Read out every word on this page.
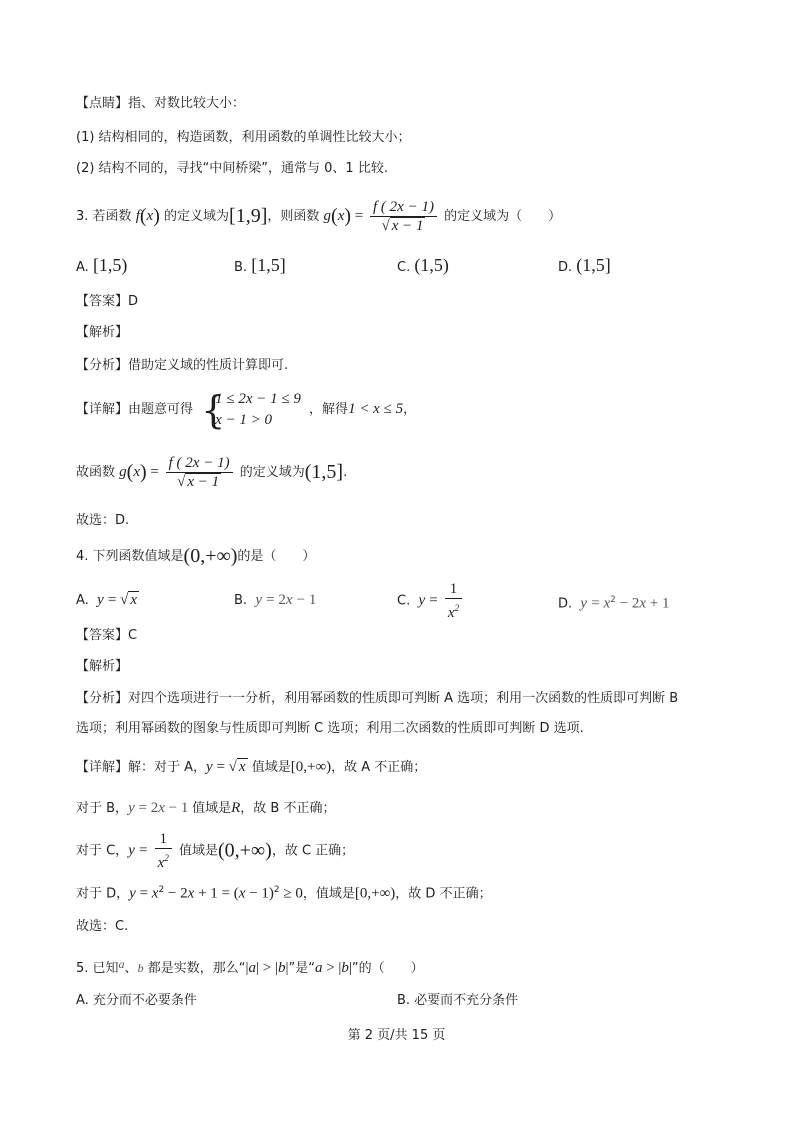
【点睛】指、对数比较大小：
(1) 结构相同的，构造函数，利用函数的单调性比较大小；
(2) 结构不同的，寻找“中间桥梁”，通常与 0、1 比较.
3. 若函数 f(x) 的定义域为[1,9]，则函数 $g(x) = \frac{f ( 2x - 1)}{√ x - 1}$ 的定义域为（　　）
A. [1,5)	B. [1,5]	C. (1,5)	D. (1,5]
【答案】D
【解析】
【分析】借助定义域的性质计算即可.
【详解】由题意可得 {
1 ≤ 2x − 1 ≤ 9
x − 1 > 0
，解得1 < x ≤ 5，
故函数 $g(x) = \frac{f ( 2x - 1)}{√ x - 1}$ 的定义域为(1,5].
故选：D.
4. 下列函数值域是(0,+∞)的是（　　）
A. y = √ x	B. y = 2x − 1	C. $y = \frac{1}{x^2}$	D. $y = x^2 - 2x + 1$
【答案】C
【解析】
【分析】对四个选项进行一一分析，利用幂函数的性质即可判断 A 选项；利用一次函数的性质即可判断 B
选项；利用幂函数的图象与性质即可判断 C 选项；利用二次函数的性质即可判断 D 选项.
【详解】解：对于 A，y = √ x 值域是[0,+∞)，故 A 不正确；
对于 B，y = 2x − 1 值域是R，故 B 不正确；
对于 C，$y = \frac{1}{x^2}$ 值域是(0,+∞)，故 C 正确；
对于 D，$y = x^2 - 2x + 1 = (x - 1)^2 \ge 0$，值域是[0,+∞)，故 D 不正确；
故选：C.
5. 已知a、b 都是实数，那么“|a| > |b|”是“a > |b|”的（　　）
A. 充分而不必要条件	B. 必要而不充分条件
第 2 页/共 15 页
